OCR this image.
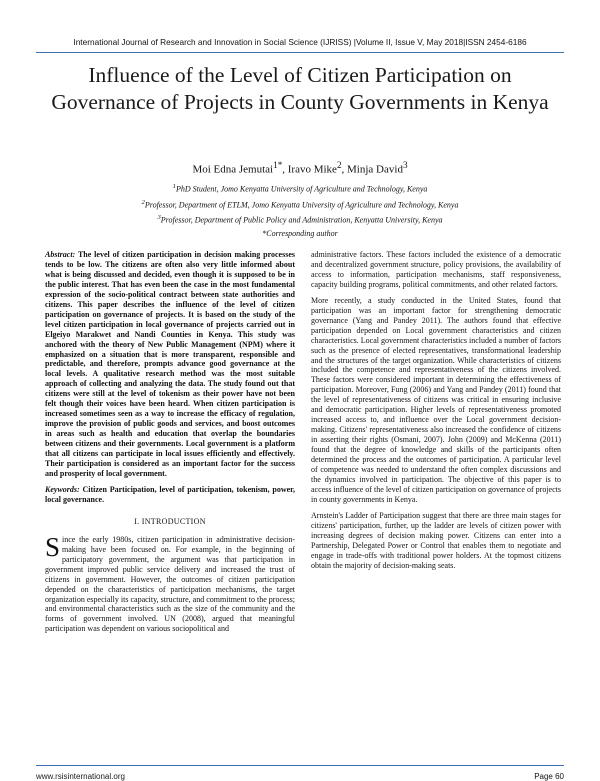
International Journal of Research and Innovation in Social Science (IJRISS) |Volume II, Issue V, May 2018|ISSN 2454-6186
Influence of the Level of Citizen Participation on Governance of Projects in County Governments in Kenya
Moi Edna Jemutai$^{1*}$, Iravo Mike$^2$, Minja David$^3$
$^1$PhD Student, Jomo Kenyatta University of Agriculture and Technology, Kenya
$^2$Professor, Department of ETLM, Jomo Kenyatta University of Agriculture and Technology, Kenya
$^3$Professor, Department of Public Policy and Administration, Kenyatta University, Kenya
*Corresponding author

Abstract: The level of citizen participation in decision making processes tends to be low. The citizens are often also very little informed about what is being discussed and decided, even though it is supposed to be in the public interest. That has even been the case in the most fundamental expression of the socio-political contract between state authorities and citizens. This paper describes the influence of the level of citizen participation on governance of projects. It is based on the study of the level citizen participation in local governance of projects carried out in Elgeiyo Marakwet and Nandi Counties in Kenya. This study was anchored with the theory of New Public Management (NPM) where it emphasized on a situation that is more transparent, responsible and predictable, and therefore, prompts advance good governance at the local levels. A qualitative research method was the most suitable approach of collecting and analyzing the data. The study found out that citizens were still at the level of tokenism as their power have not been felt though their voices have been heard. When citizen participation is increased sometimes seen as a way to increase the efficacy of regulation, improve the provision of public goods and services, and boost outcomes in areas such as health and education that overlap the boundaries between citizens and their governments. Local government is a platform that all citizens can participate in local issues efficiently and effectively. Their participation is considered as an important factor for the success and prosperity of local government.

Keywords: Citizen Participation, level of participation, tokenism, power, local governance.

I. INTRODUCTION

Since the early 1980s, citizen participation in administrative decision-making have been focused on. For example, in the beginning of participatory government, the argument was that participation in government improved public service delivery and increased the trust of citizens in government. However, the outcomes of citizen participation depended on the characteristics of participation mechanisms, the target organization especially its capacity, structure, and commitment to the process; and environmental characteristics such as the size of the community and the forms of government involved. UN (2008), argued that meaningful participation was dependent on various sociopolitical and

administrative factors. These factors included the existence of a democratic and decentralized government structure, policy provisions, the availability of access to information, participation mechanisms, staff responsiveness, capacity building programs, political commitments, and other related factors.

More recently, a study conducted in the United States, found that participation was an important factor for strengthening democratic governance (Yang and Pandey 2011). The authors found that effective participation depended on Local government characteristics and citizen characteristics. Local government characteristics included a number of factors such as the presence of elected representatives, transformational leadership and the structures of the target organization. While characteristics of citizens included the competence and representativeness of the citizens involved. These factors were considered important in determining the effectiveness of participation. Moreover, Fung (2006) and Yang and Pandey (2011) found that the level of representativeness of citizens was critical in ensuring inclusive and democratic participation. Higher levels of representativeness promoted increased access to, and influence over the Local government decision-making. Citizens' representativeness also increased the confidence of citizens in asserting their rights (Osmani, 2007). John (2009) and McKenna (2011) found that the degree of knowledge and skills of the participants often determined the process and the outcomes of participation. A particular level of competence was needed to understand the often complex discussions and the dynamics involved in participation. The objective of this paper is to access influence of the level of citizen participation on governance of projects in county governments in Kenya.

Arnstein's Ladder of Participation suggest that there are three main stages for citizens' participation, further, up the ladder are levels of citizen power with increasing degrees of decision making power. Citizens can enter into a Partnership, Delegated Power or Control that enables them to negotiate and engage in trade-offs with traditional power holders. At the topmost citizens obtain the majority of decision-making seats.

www.rsisinternational.org	Page 60
